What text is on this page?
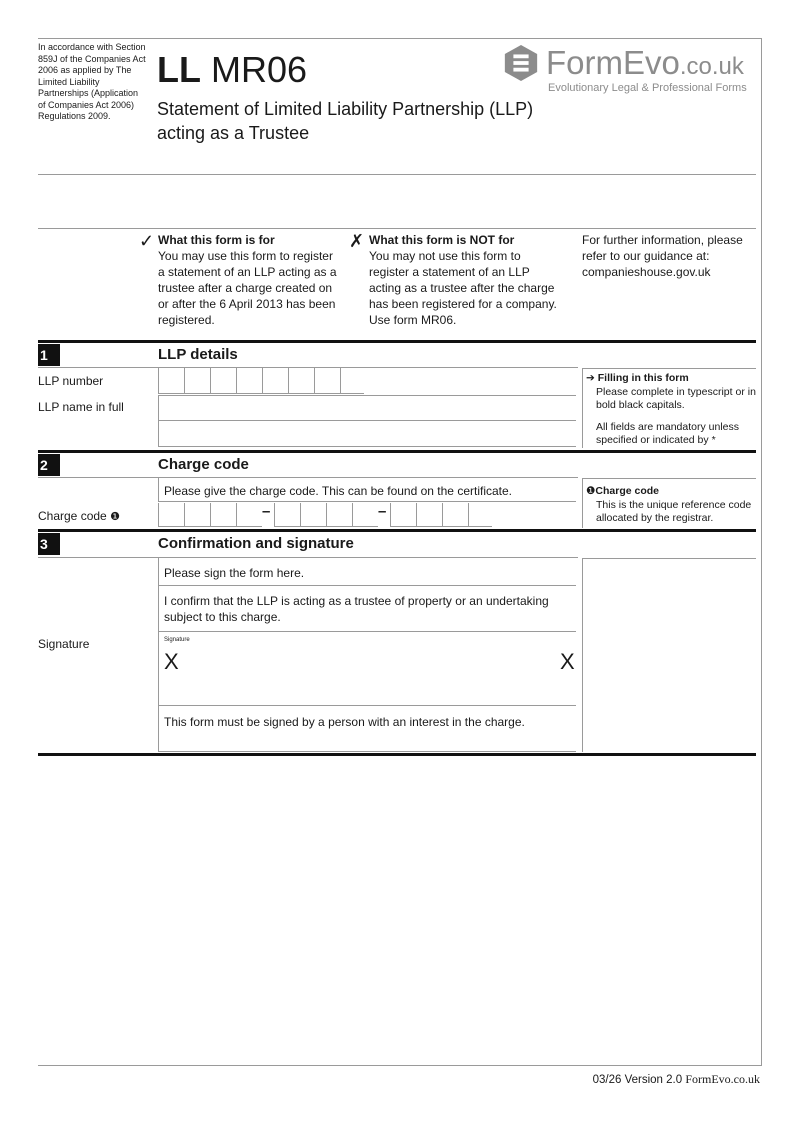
In accordance with Section 859J of the Companies Act 2006 as applied by The Limited Liability Partnerships (Application of Companies Act 2006) Regulations 2009.
LL MR06
Statement of Limited Liability Partnership (LLP) acting as a Trustee
FormEvo.co.uk
Evolutionary Legal & Professional Forms
✓ What this form is for
You may use this form to register a statement of an LLP acting as a trustee after a charge created on or after the 6 April 2013 has been registered.
✗ What this form is NOT for
You may not use this form to register a statement of an LLP acting as a trustee after the charge has been registered for a company. Use form MR06.
For further information, please refer to our guidance at: companieshouse.gov.uk
1	LLP details
LLP number
LLP name in full
➔ Filling in this form
Please complete in typescript or in bold black capitals.
All fields are mandatory unless specified or indicated by *
2	Charge code
Please give the charge code. This can be found on the certificate.
Charge code ❶	–	–
❶Charge code
This is the unique reference code allocated by the registrar.
3	Confirmation and signature
Please sign the form here.
I confirm that the LLP is acting as a trustee of property or an undertaking subject to this charge.
Signature	Signature
X	X
This form must be signed by a person with an interest in the charge.
03/26 Version 2.0 FormEvo.co.uk
